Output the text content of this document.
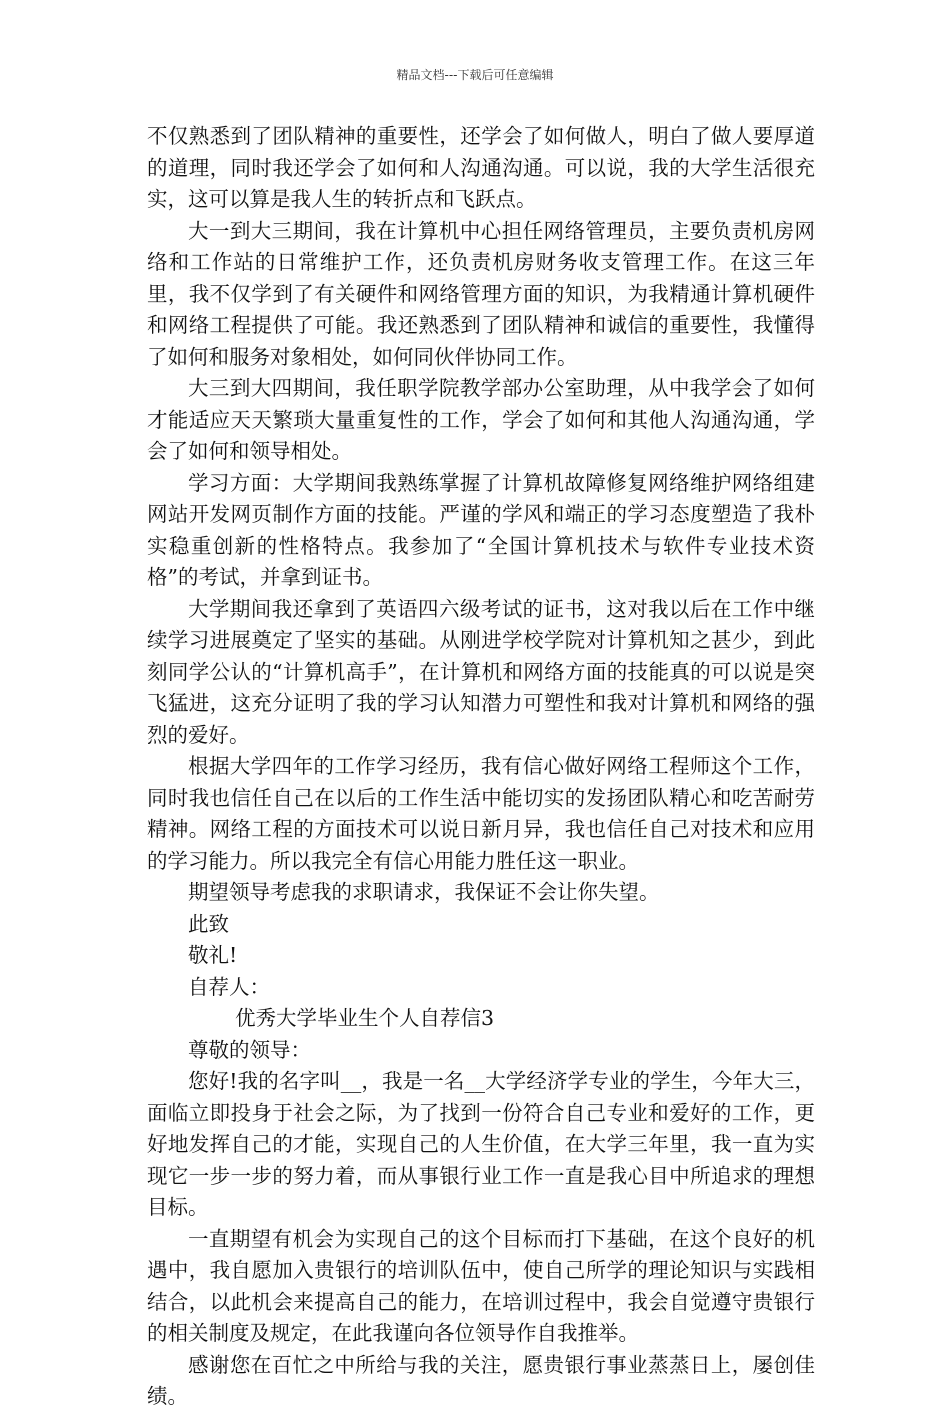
精品文档---下载后可任意编辑

不仅熟悉到了团队精神的重要性，还学会了如何做人，明白了做人要厚道的道理，同时我还学会了如何和人沟通沟通。可以说，我的大学生活很充实，这可以算是我人生的转折点和飞跃点。

大一到大三期间，我在计算机中心担任网络管理员，主要负责机房网络和工作站的日常维护工作，还负责机房财务收支管理工作。在这三年里，我不仅学到了有关硬件和网络管理方面的知识，为我精通计算机硬件和网络工程提供了可能。我还熟悉到了团队精神和诚信的重要性，我懂得了如何和服务对象相处，如何同伙伴协同工作。

大三到大四期间，我任职学院教学部办公室助理，从中我学会了如何才能适应天天繁琐大量重复性的工作，学会了如何和其他人沟通沟通，学会了如何和领导相处。

学习方面：大学期间我熟练掌握了计算机故障修复网络维护网络组建网站开发网页制作方面的技能。严谨的学风和端正的学习态度塑造了我朴实稳重创新的性格特点。我参加了“全国计算机技术与软件专业技术资格”的考试，并拿到证书。

大学期间我还拿到了英语四六级考试的证书，这对我以后在工作中继续学习进展奠定了坚实的基础。从刚进学校学院对计算机知之甚少，到此刻同学公认的“计算机高手”，在计算机和网络方面的技能真的可以说是突飞猛进，这充分证明了我的学习认知潜力可塑性和我对计算机和网络的强烈的爱好。

根据大学四年的工作学习经历，我有信心做好网络工程师这个工作，同时我也信任自己在以后的工作生活中能切实的发扬团队精心和吃苦耐劳精神。网络工程的方面技术可以说日新月异，我也信任自己对技术和应用的学习能力。所以我完全有信心用能力胜任这一职业。

期望领导考虑我的求职请求，我保证不会让你失望。

此致

敬礼!

自荐人：

优秀大学毕业生个人自荐信3

尊敬的领导：

您好!我的名字叫__，我是一名__大学经济学专业的学生，今年大三，面临立即投身于社会之际，为了找到一份符合自己专业和爱好的工作，更好地发挥自己的才能，实现自己的人生价值，在大学三年里，我一直为实现它一步一步的努力着，而从事银行业工作一直是我心目中所追求的理想目标。

一直期望有机会为实现自己的这个目标而打下基础，在这个良好的机遇中，我自愿加入贵银行的培训队伍中，使自己所学的理论知识与实践相结合，以此机会来提高自己的能力，在培训过程中，我会自觉遵守贵银行的相关制度及规定，在此我谨向各位领导作自我推举。

感谢您在百忙之中所给与我的关注，愿贵银行事业蒸蒸日上，屡创佳绩。
